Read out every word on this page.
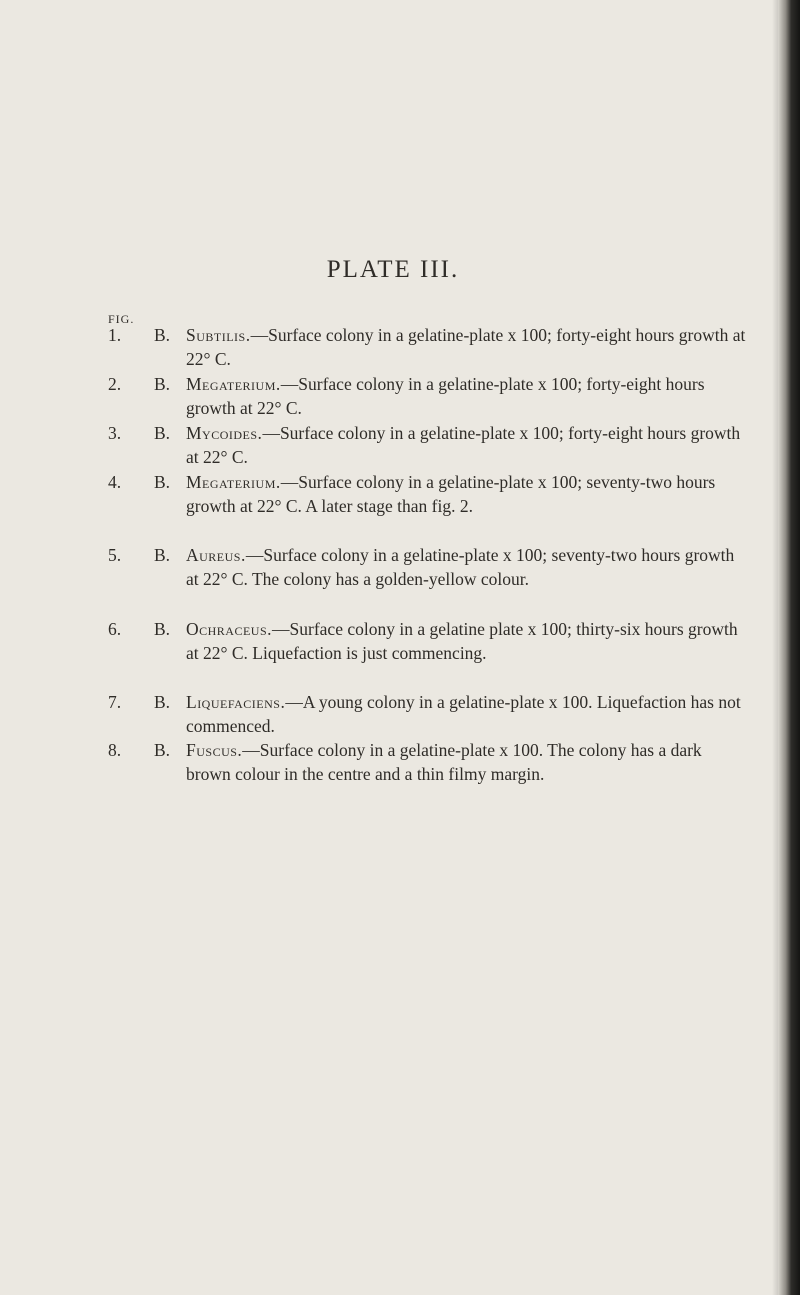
PLATE III.
FIG.
1.	B. Subtilis.—Surface colony in a gelatine-plate x 100; forty-eight hours growth at 22° C.
2.	B. Megaterium.—Surface colony in a gelatine-plate x 100; forty-eight hours growth at 22° C.
3.	B. Mycoides.—Surface colony in a gelatine-plate x 100; forty-eight hours growth at 22° C.
4.	B. Megaterium.—Surface colony in a gelatine-plate x 100; seventy-two hours growth at 22° C. A later stage than fig. 2.
5.	B. Aureus.—Surface colony in a gelatine-plate x 100; seventy-two hours growth at 22° C. The colony has a golden-yellow colour.
6.	B. Ochraceus.—Surface colony in a gelatine plate x 100; thirty-six hours growth at 22° C. Liquefaction is just commencing.
7.	B. Liquefaciens.—A young colony in a gelatine-plate x 100. Liquefaction has not commenced.
8.	B. Fuscus.—Surface colony in a gelatine-plate x 100. The colony has a dark brown colour in the centre and a thin filmy margin.
